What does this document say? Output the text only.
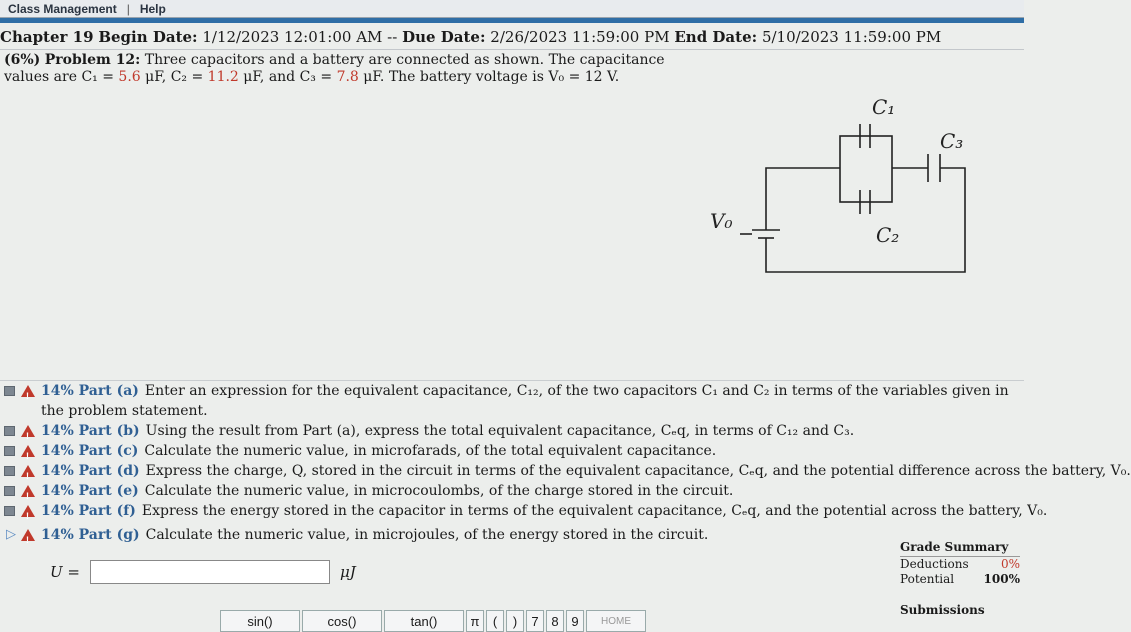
Class Management | Help
Chapter 19
Begin Date:
1/12/2023 12:01:00 AM
--
Due Date:
2/26/2023 11:59:00 PM
End Date:
5/10/2023 11:59:00 PM
(6%) Problem 12: Three capacitors and a battery are connected as shown. The capacitance values are C₁ = 5.6 μF, C₂ = 11.2 μF, and C₃ = 7.8 μF. The battery voltage is V₀ = 12 V.
C₁
C₃
C₂
V₀
!
14% Part (a) Enter an expression for the equivalent capacitance, C₁₂, of the two capacitors C₁ and C₂ in terms of the variables given in the problem statement.
!
14% Part (b) Using the result from Part (a), express the total equivalent capacitance, Cₑq, in terms of C₁₂ and C₃.
!
14% Part (c) Calculate the numeric value, in microfarads, of the total equivalent capacitance.
!
14% Part (d) Express the charge, Q, stored in the circuit in terms of the equivalent capacitance, Cₑq, and the potential difference across the battery, V₀.
!
14% Part (e) Calculate the numeric value, in microcoulombs, of the charge stored in the circuit.
!
14% Part (f) Express the energy stored in the capacitor in terms of the equivalent capacitance, Cₑq, and the potential across the battery, V₀.
▷
! 14% Part (g) Calculate the numeric value, in microjoules, of the energy stored in the circuit.
U =	μJ
Grade Summary
Deductions	0%
Potential 100%
Submissions
sin()	cos()	tan()	π	(	)	7 8 9	HOME
